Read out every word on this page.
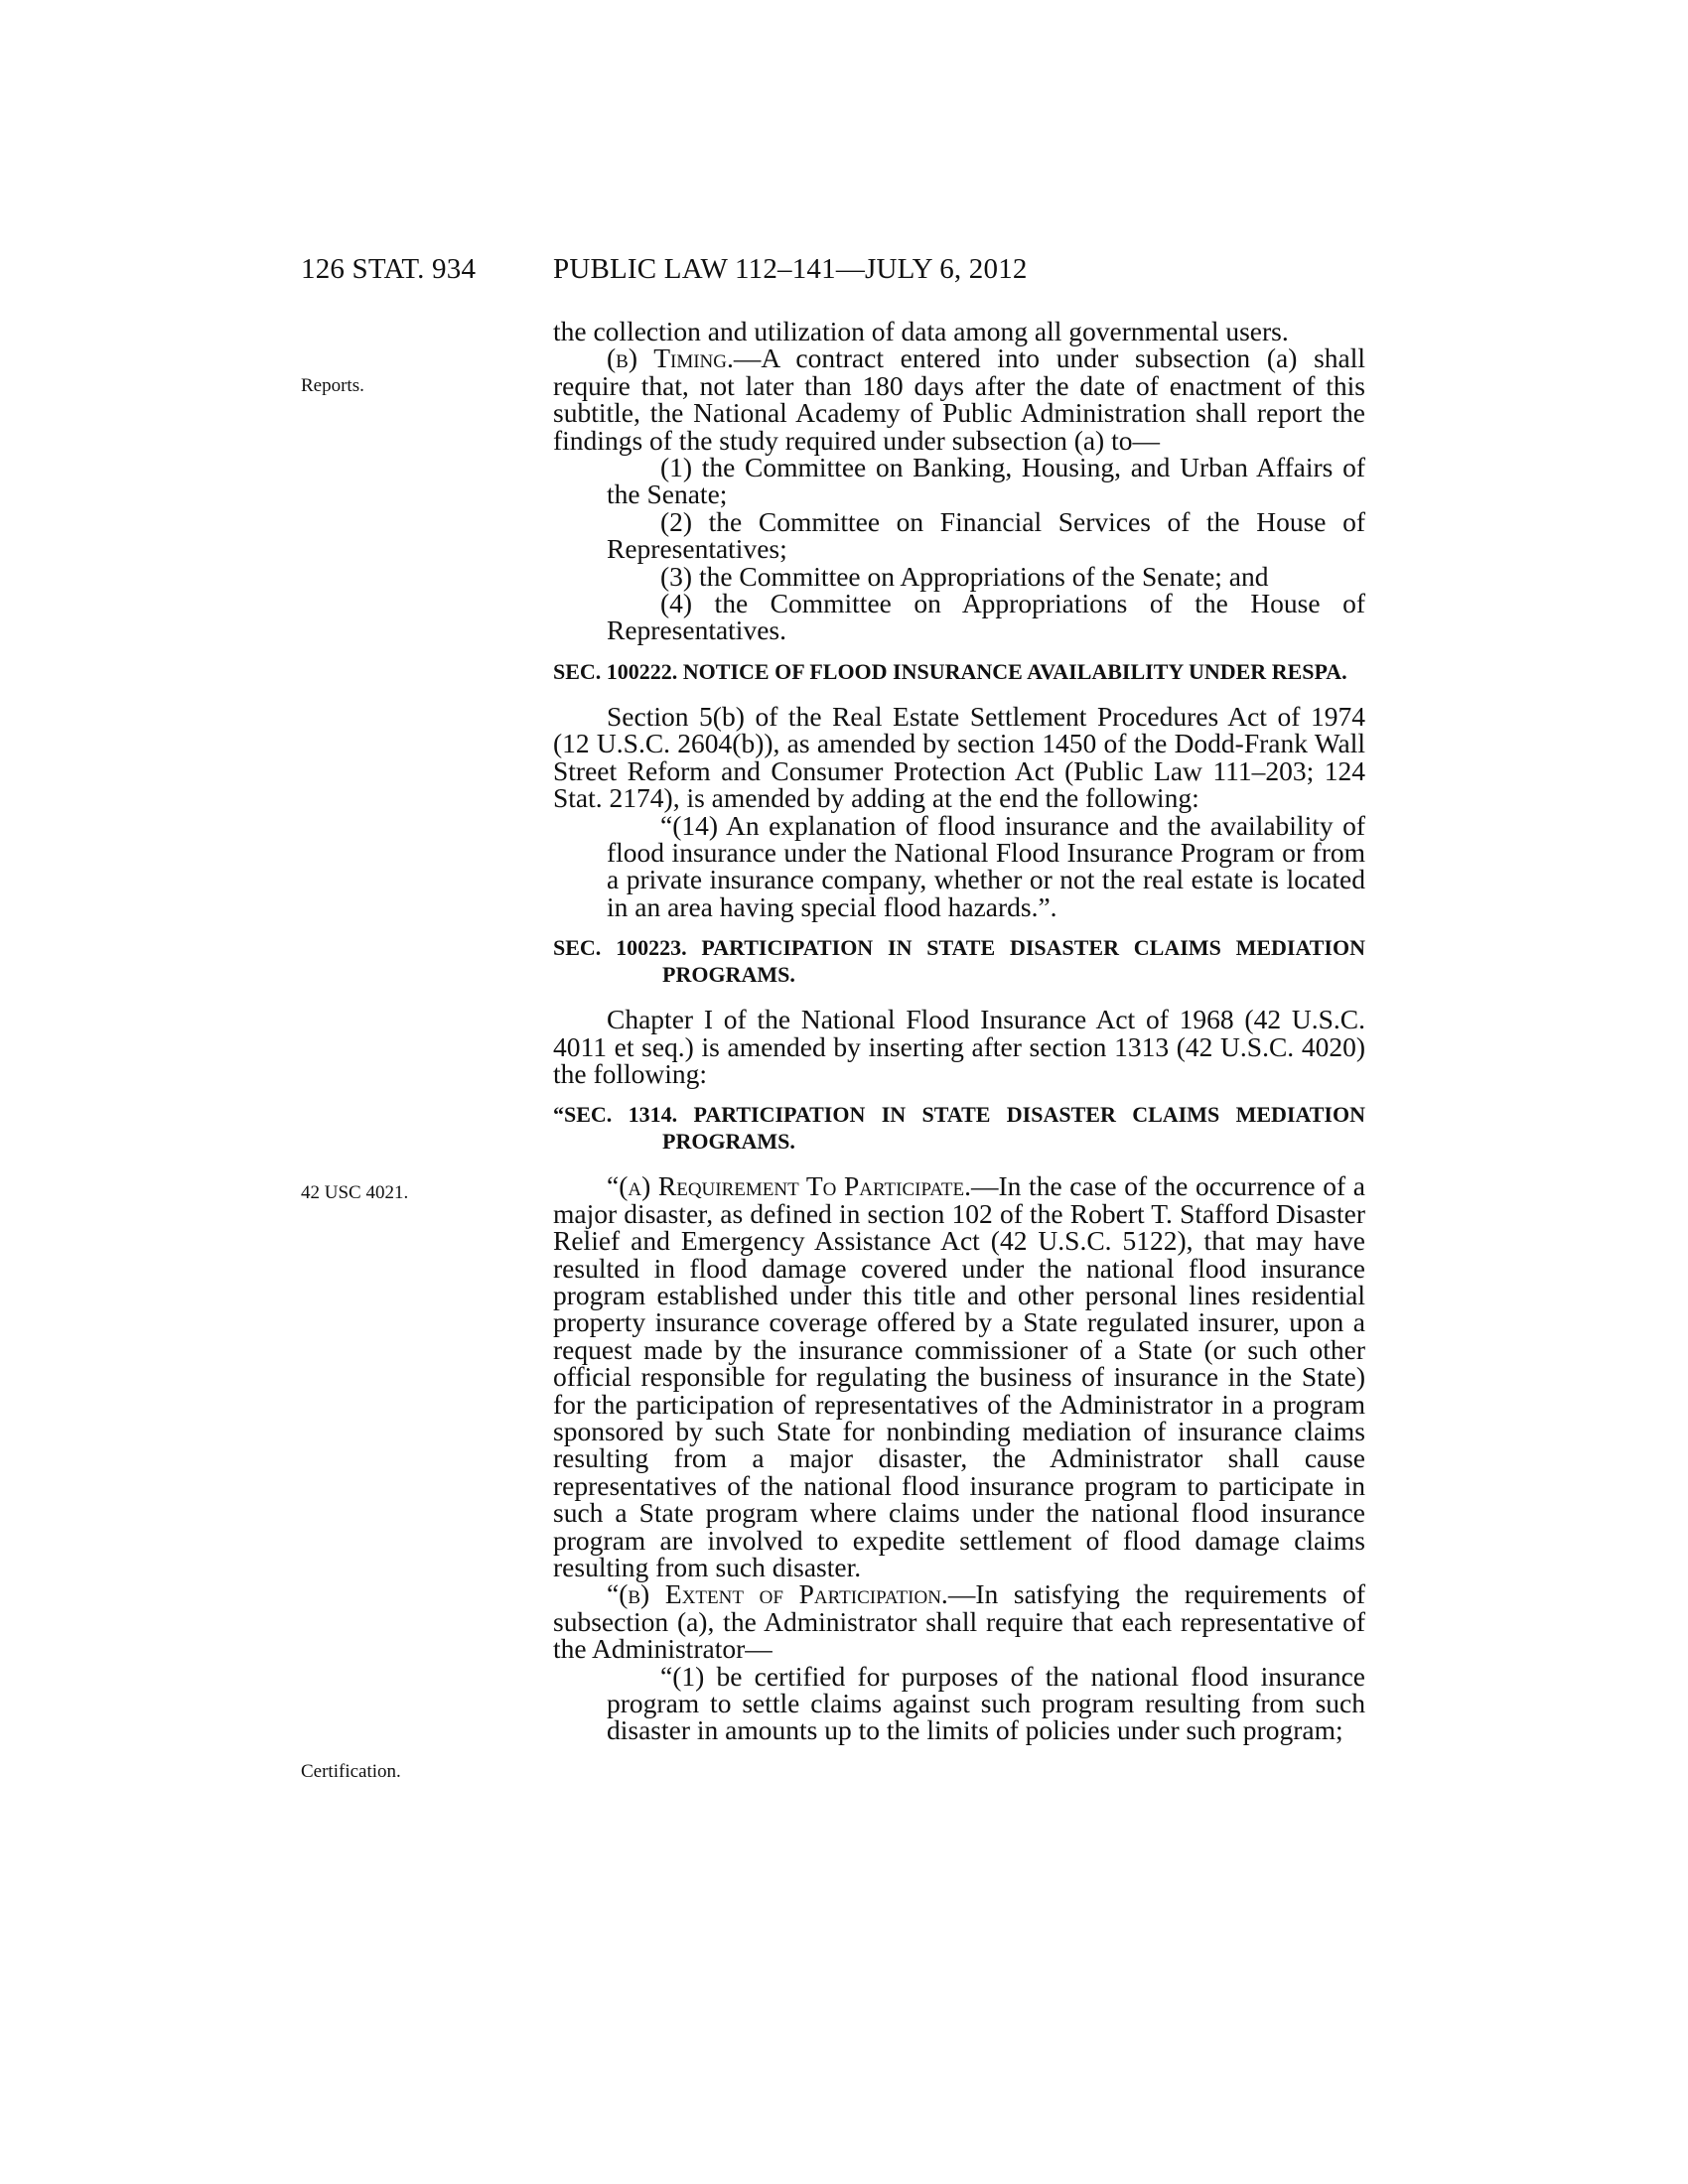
126 STAT. 934	PUBLIC LAW 112–141—JULY 6, 2012
Reports.
42 USC 4021.
Certification.

the collection and utilization of data among all governmental users.

(b) Timing.—A contract entered into under subsection (a) shall require that, not later than 180 days after the date of enactment of this subtitle, the National Academy of Public Administration shall report the findings of the study required under subsection (a) to—

(1) the Committee on Banking, Housing, and Urban Affairs of the Senate;

(2) the Committee on Financial Services of the House of Representatives;

(3) the Committee on Appropriations of the Senate; and

(4) the Committee on Appropriations of the House of Representatives.

SEC. 100222. NOTICE OF FLOOD INSURANCE AVAILABILITY UNDER RESPA.

Section 5(b) of the Real Estate Settlement Procedures Act of 1974 (12 U.S.C. 2604(b)), as amended by section 1450 of the Dodd-Frank Wall Street Reform and Consumer Protection Act (Public Law 111–203; 124 Stat. 2174), is amended by adding at the end the following:

“(14) An explanation of flood insurance and the availability of flood insurance under the National Flood Insurance Program or from a private insurance company, whether or not the real estate is located in an area having special flood hazards.”.

SEC. 100223. PARTICIPATION IN STATE DISASTER CLAIMS MEDIATION PROGRAMS.

Chapter I of the National Flood Insurance Act of 1968 (42 U.S.C. 4011 et seq.) is amended by inserting after section 1313 (42 U.S.C. 4020) the following:

“SEC. 1314. PARTICIPATION IN STATE DISASTER CLAIMS MEDIATION PROGRAMS.

“(a) Requirement To Participate.—In the case of the occurrence of a major disaster, as defined in section 102 of the Robert T. Stafford Disaster Relief and Emergency Assistance Act (42 U.S.C. 5122), that may have resulted in flood damage covered under the national flood insurance program established under this title and other personal lines residential property insurance coverage offered by a State regulated insurer, upon a request made by the insurance commissioner of a State (or such other official responsible for regulating the business of insurance in the State) for the participation of representatives of the Administrator in a program sponsored by such State for nonbinding mediation of insurance claims resulting from a major disaster, the Administrator shall cause representatives of the national flood insurance program to participate in such a State program where claims under the national flood insurance program are involved to expedite settlement of flood damage claims resulting from such disaster.

“(b) Extent of Participation.—In satisfying the requirements of subsection (a), the Administrator shall require that each representative of the Administrator—

“(1) be certified for purposes of the national flood insurance program to settle claims against such program resulting from such disaster in amounts up to the limits of policies under such program;
